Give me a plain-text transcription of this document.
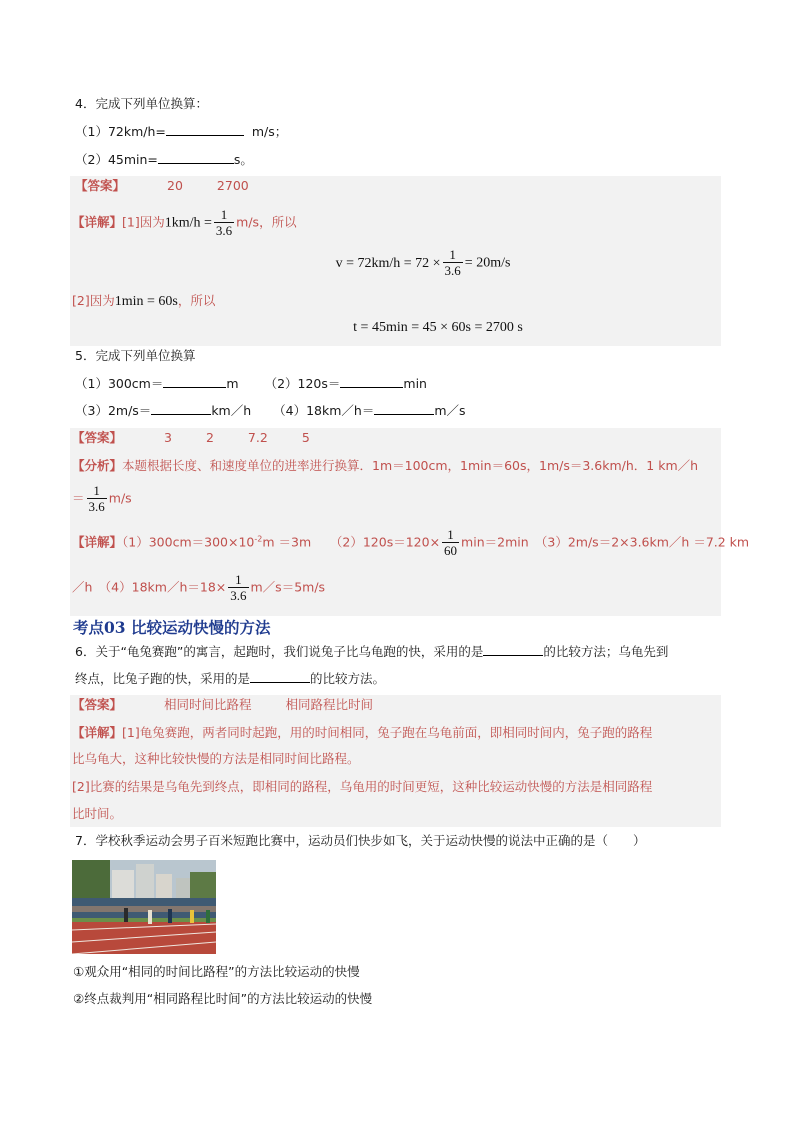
4．完成下列单位换算：
（1）72km/h=	m/s；
（2）45min=	s。
【答案】	20	2700
【详解】[1]因为$1km/h = \frac{1}{3.6} m/s$，所以
$v = 72km/h = 72 \times \frac{1}{3.6} = 20m/s$
[2]因为1min = 60s，所以
t = 45min = 45 × 60s = 2700 s
5．完成下列单位换算
（1）300cm＝	m （2）120s＝	min
（3）2m/s＝	km／h （4）18km／h＝	m／s
【答案】	3	2	7.2	5
【分析】本题根据长度、和速度单位的进率进行换算．1m＝100cm，1min＝60s，1m/s＝3.6km/h．1 km／h
＝ $\frac{1}{3.6} m/s$
【详解】$(1)300cm=300\times 10^{-2}m =3m$　　$(2)120s=120\times \frac{1}{60} \min=2\min$　（3）2m/s＝2×3.6km／h ＝7.2 km
／h　（4）18km／h＝18× $\frac{1}{3.6}$ m／s＝5m/s
考点03 比较运动快慢的方法
6．关于“龟兔赛跑”的寓言，起跑时，我们说兔子比乌龟跑的快，采用的是	的比较方法；乌龟先到
终点，比兔子跑的快，采用的是	的比较方法。
【答案】	相同时间比路程	相同路程比时间
【详解】[1]龟兔赛跑，两者同时起跑，用的时间相同，兔子跑在乌龟前面，即相同时间内，兔子跑的路程
比乌龟大，这种比较快慢的方法是相同时间比路程。
[2]比赛的结果是乌龟先到终点，即相同的路程，乌龟用的时间更短，这种比较运动快慢的方法是相同路程
比时间。
7．学校秋季运动会男子百米短跑比赛中，运动员们快步如飞，关于运动快慢的说法中正确的是（　　）
①观众用“相同的时间比路程”的方法比较运动的快慢
②终点裁判用“相同路程比时间”的方法比较运动的快慢
